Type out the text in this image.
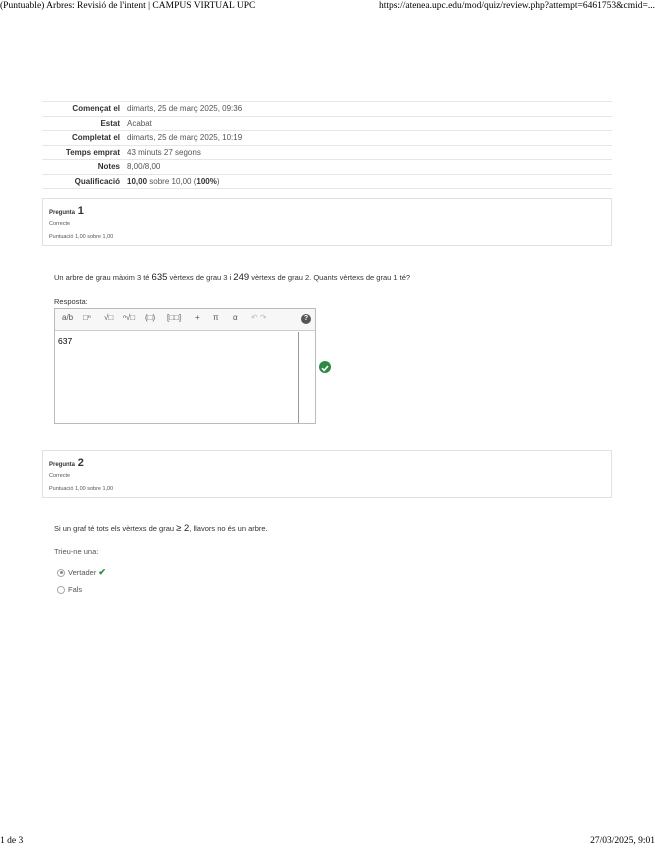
(Puntuable) Arbres: Revisió de l'intent | CAMPUS VIRTUAL UPC	https://atenea.upc.edu/mod/quiz/review.php?attempt=6461753&cmid=...
Començat el	dimarts, 25 de març 2025, 09:36
Estat	Acabat
Completat el	dimarts, 25 de març 2025, 10:19
Temps emprat	43 minuts 27 segons
Notes	8,00/8,00
Qualificació	10,00 sobre 10,00 (100%)
Pregunta 1
Correcte
Puntuació 1,00 sobre 1,00
Un arbre de grau màxim 3 té 635 vèrtexs de grau 3 i 249 vèrtexs de grau 2. Quants vèrtexs de grau 1 té?
Resposta:
a/b □ⁿ √□ ⁿ√□ (□) [□□] + π α ↶ ↷	?
637
Pregunta 2
Correcte
Puntuació 1,00 sobre 1,00
Si un graf té tots els vèrtexs de grau ≥ 2, llavors no és un arbre.
Trieu-ne una:
Vertader ✔
Fals
1 de 3	27/03/2025, 9:01
